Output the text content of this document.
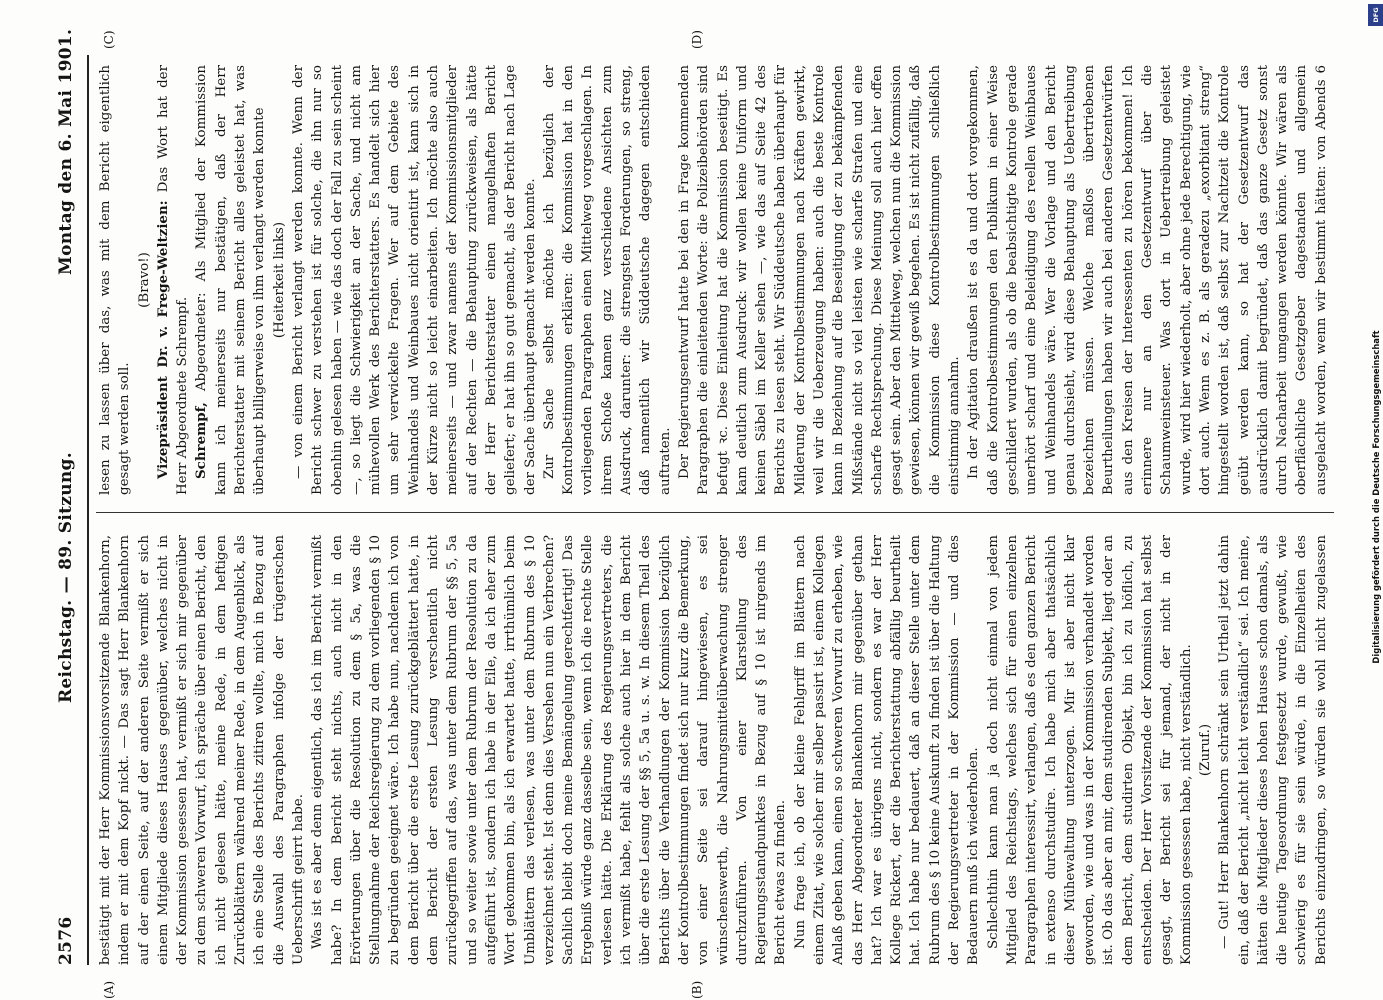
2576
Reichstag. — 89. Sitzung.
Montag den 6. Mai 1901.
(A)	(B)
(C)	(D)

bestätigt mit der Herr Kommissionsvorsitzende Blankenhorn, indem er mit dem Kopf nickt. — Das sagt Herr Blankenhorn auf der einen Seite, auf der anderen Seite vermißt er sich einem Mitgliede dieses Hauses gegenüber, welches nicht in der Kommission gesessen hat, vermißt er sich mir gegenüber zu dem schweren Vorwurf, ich spräche über einen Bericht, den ich nicht gelesen hätte, meine Rede, in dem heftigen Zurückblättern während meiner Rede, in dem Augenblick, als ich eine Stelle des Berichts zitiren wollte, mich in Bezug auf die Auswahl des Paragraphen infolge der trügerischen Ueberschrift geirrt habe. Was ist es aber denn eigentlich, das ich im Bericht vermißt habe? In dem Bericht steht nichts, auch nicht in den Erörterungen über die Resolution zu dem § 5a, was die Stellungnahme der Reichsregierung zu dem vorliegenden § 10 zu begründen geeignet wäre. Ich habe nun, nachdem ich von dem Bericht über die erste Lesung zurückgeblättert hatte, in dem Bericht der ersten Lesung verschentlich nicht zurückgegriffen auf das, was unter dem Rubrum der §§ 5, 5a und so weiter sowie unter dem Rubrum der Resolution zu da aufgeführt ist, sondern ich habe in der Eile, da ich eher zum Wort gekommen bin, als ich erwartet hatte, irrthümlich beim Umblättern das verlesen, was unter dem Rubrum des § 10 verzeichnet steht. Ist denn dies Versehen nun ein Verbrechen? Sachlich bleibt doch meine Bemängelung gerechtfertigt! Das Ergebniß würde ganz dasselbe sein, wenn ich die rechte Stelle verlesen hätte. Die Erklärung des Regierungsvertreters, die ich vermißt habe, fehlt als solche auch hier in dem Bericht über die erste Lesung der §§ 5, 5a u. s. w. In diesem Theil des Berichts über die Verhandlungen der Kommission bezüglich der Kontrolbestimmungen findet sich nur kurz die Bemerkung, von einer Seite sei darauf hingewiesen, es sei wünschenswerth, die Nahrungsmittelüberwachung strenger durchzuführen. Von einer Klarstellung des Regierungsstandpunktes in Bezug auf § 10 ist nirgends im Bericht etwas zu finden. Nun frage ich, ob der kleine Fehlgriff im Blättern nach einem Zitat, wie solcher mir selber passirt ist, einem Kollegen Anlaß geben kann, einen so schweren Vorwurf zu erheben, wie das Herr Abgeordneter Blankenhorn mir gegenüber gethan hat? Ich war es übrigens nicht, sondern es war der Herr Kollege Rickert, der die Berichterstattung abfällig beurtheilt hat. Ich habe nur bedauert, daß an dieser Stelle unter dem Rubrum des § 10 keine Auskunft zu finden ist über die Haltung der Regierungsvertreter in der Kommission — und dies Bedauern muß ich wiederholen. Schlechthin kann man ja doch nicht einmal von jedem Mitglied des Reichstags, welches sich für einen einzelnen Paragraphen interessirt, verlangen, daß es den ganzen Bericht in extenso durchstudire. Ich habe mich aber thatsächlich dieser Mühewaltung unterzogen. Mir ist aber nicht klar geworden, wie und was in der Kommission verhandelt worden ist. Ob das aber an mir, dem studirenden Subjekt, liegt oder an dem Bericht, dem studirten Objekt, bin ich zu höflich, zu entscheiden. Der Herr Vorsitzende der Kommission hat selbst gesagt, der Bericht sei für jemand, der nicht in der Kommission gesessen habe, nicht verständlich. (Zuruf.)

— Gut! Herr Blankenhorn schränkt sein Urtheil jetzt dahin ein, daß der Bericht „nicht leicht verständlich“ sei. Ich meine, hätten die Mitglieder dieses hohen Hauses schon damals, als die heutige Tagesordnung festgesetzt wurde, gewußt, wie schwierig es für sie sein würde, in die Einzelheiten des Berichts einzudringen, so würden sie wohl nicht zugelassen

lesen zu lassen über das, was mit dem Bericht eigentlich gesagt werden soll.

(Bravo!) Vizepräsident Dr. v. Frege-Weltzien: Das Wort hat der Herr Abgeordnete Schrempf. Schrempf, Abgeordneter: Als Mitglied der Kommission kann ich meinerseits nur bestätigen, daß der Herr Berichterstatter mit seinem Bericht alles geleistet hat, was überhaupt billigerweise von ihm verlangt werden konnte (Heiterkeit links) — von einem Bericht verlangt werden konnte. Wenn der Bericht schwer zu verstehen ist für solche, die ihn nur so obenhin gelesen haben — wie das doch der Fall zu sein scheint —, so liegt die Schwierigkeit an der Sache, und nicht am mühevollen Werk des Berichterstatters. Es handelt sich hier um sehr verwickelte Fragen. Wer auf dem Gebiete des Weinhandels und Weinbaues nicht orientirt ist, kann sich in der Kürze nicht so leicht einarbeiten. Ich möchte also auch meinerseits — und zwar namens der Kommissionsmitglieder auf der Rechten — die Behauptung zurückweisen, als hätte der Herr Berichterstatter einen mangelhaften Bericht geliefert; er hat ihn so gut gemacht, als der Bericht nach Lage der Sache überhaupt gemacht werden konnte. Zur Sache selbst möchte ich bezüglich der Kontrolbestimmungen erklären: die Kommission hat in den vorliegenden Paragraphen einen Mittelweg vorgeschlagen. In ihrem Schoße kamen ganz verschiedene Ansichten zum Ausdruck, darunter: die strengsten Forderungen, so streng, daß namentlich wir Süddeutsche dagegen entschieden auftraten. Der Regierungsentwurf hatte bei den in Frage kommenden Paragraphen die einleitenden Worte: die Polizeibehörden sind befugt ꝛc. Diese Einleitung hat die Kommission beseitigt. Es kam deutlich zum Ausdruck: wir wollen keine Uniform und keinen Säbel im Keller sehen —, wie das auf Seite 42 des Berichts zu lesen steht. Wir Süddeutsche haben überhaupt für Milderung der Kontrolbestimmungen nach Kräften gewirkt, weil wir die Ueberzeugung haben: auch die beste Kontrole kann in Beziehung auf die Beseitigung der zu bekämpfenden Mißstände nicht so viel leisten wie scharfe Strafen und eine scharfe Rechtsprechung. Diese Meinung soll auch hier offen gesagt sein. Aber den Mittelweg, welchen nun die Kommission gewiesen, können wir gewiß begehen. Es ist nicht zufällig, daß die Kommission diese Kontrolbestimmungen schließlich einstimmig annahm. In der Agitation draußen ist es da und dort vorgekommen, daß die Kontrolbestimmungen den Publikum in einer Weise geschildert wurden, als ob die beabsichtigte Kontrole gerade unerhört scharf und eine Beleidigung des reellen Weinbaues und Weinhandels wäre. Wer die Vorlage und den Bericht genau durchsieht, wird diese Behauptung als Uebertreibung bezeichnen müssen. Welche maßlos übertriebenen Beurtheilungen haben wir auch bei anderen Gesetzentwürfen aus den Kreisen der Interessenten zu hören bekommen! Ich erinnere nur an den Gesetzentwurf über die Schaumweinsteuer. Was dort in Uebertreibung geleistet wurde, wird hier wiederholt, aber ohne jede Berechtigung, wie dort auch. Wenn es z. B. als geradezu „exorbitant streng“ hingestellt worden ist, daß selbst zur Nachtzeit die Kontrole geübt werden kann, so hat der Gesetzentwurf das ausdrücklich damit begründet, daß das ganze Gesetz sonst durch Nacharbeit umgangen werden könnte. Wir wären als oberflächliche Gesetzgeber dagestanden und allgemein ausgelacht worden, wenn wir bestimmt hätten: von Abends 6

DFG
Digitalisierung gefördert durch die Deutsche Forschungsgemeinschaft
